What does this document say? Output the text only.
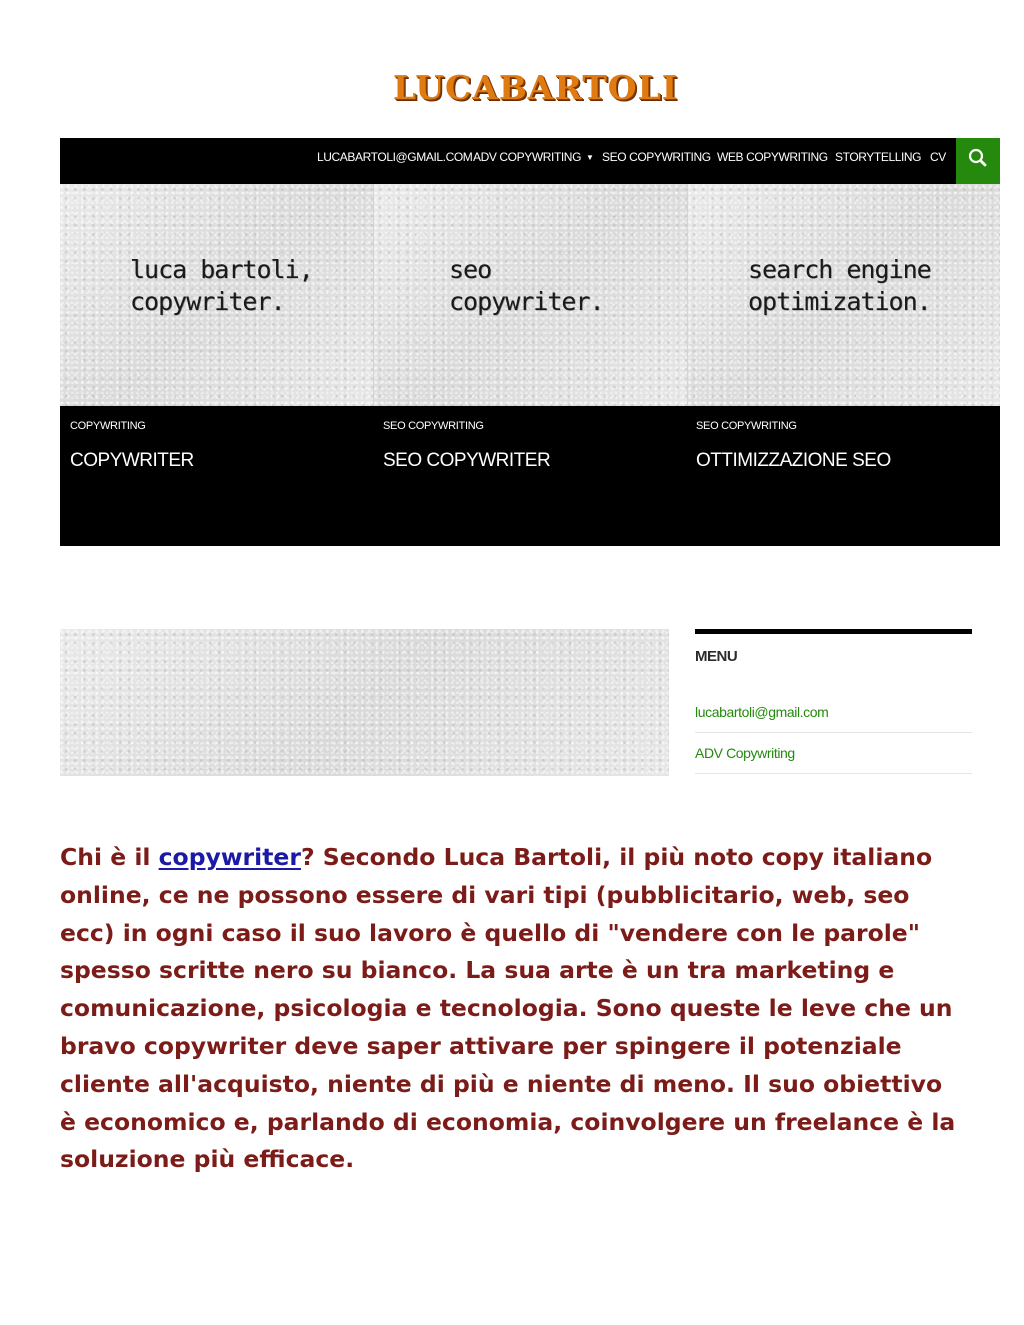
LUCABARTOLI
LUCABARTOLI@GMAIL.COM ADV COPYWRITING ▼ SEO COPYWRITING WEB COPYWRITING STORYTELLING CV
luca bartoli,
copywriter.
seo
copywriter.
search engine
optimization.
COPYWRITING
COPYWRITER
SEO COPYWRITING
SEO COPYWRITER
SEO COPYWRITING
OTTIMIZZAZIONE SEO
MENU
lucabartoli@gmail.com
ADV Copywriting

Chi è il copywriter? Secondo Luca Bartoli, il più noto copy italiano online, ce ne possono essere di vari tipi (pubblicitario, web, seo ecc) in ogni caso il suo lavoro è quello di "vendere con le parole" spesso scritte nero su bianco. La sua arte è un tra marketing e comunicazione, psicologia e tecnologia. Sono queste le leve che un bravo copywriter deve saper attivare per spingere il potenziale cliente all'acquisto, niente di più e niente di meno. Il suo obiettivo è economico e, parlando di economia, coinvolgere un freelance è la soluzione più efficace.
